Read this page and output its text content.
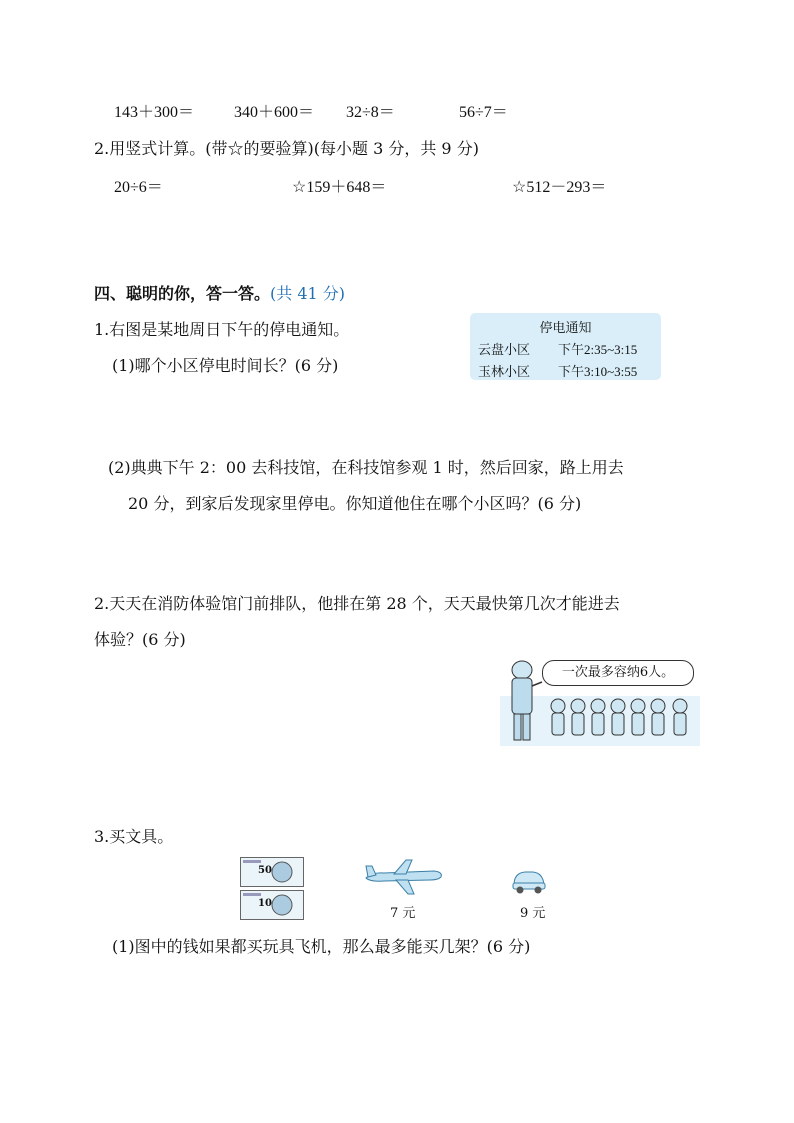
143＋300＝ 340＋600＝ 32÷8＝	56÷7＝
2.用竖式计算。(带☆的要验算)(每小题 3 分，共 9 分)
20÷6＝	☆159＋648＝	☆512－293＝
四、聪明的你，答一答。(共 41 分)
1.右图是某地周日下午的停电通知。
(1)哪个小区停电时间长？(6 分)
停电通知
云盘小区 下午2:35~3:15
玉林小区 下午3:10~3:55
(2)典典下午 2：00 去科技馆，在科技馆参观 1 时，然后回家，路上用去
20 分，到家后发现家里停电。你知道他住在哪个小区吗？(6 分)
2.天天在消防体验馆门前排队，他排在第 28 个，天天最快第几次才能进去
体验？(6 分)
一次最多容纳6人。
3.买文具。
50
10
7 元	9 元
(1)图中的钱如果都买玩具飞机，那么最多能买几架？(6 分)
